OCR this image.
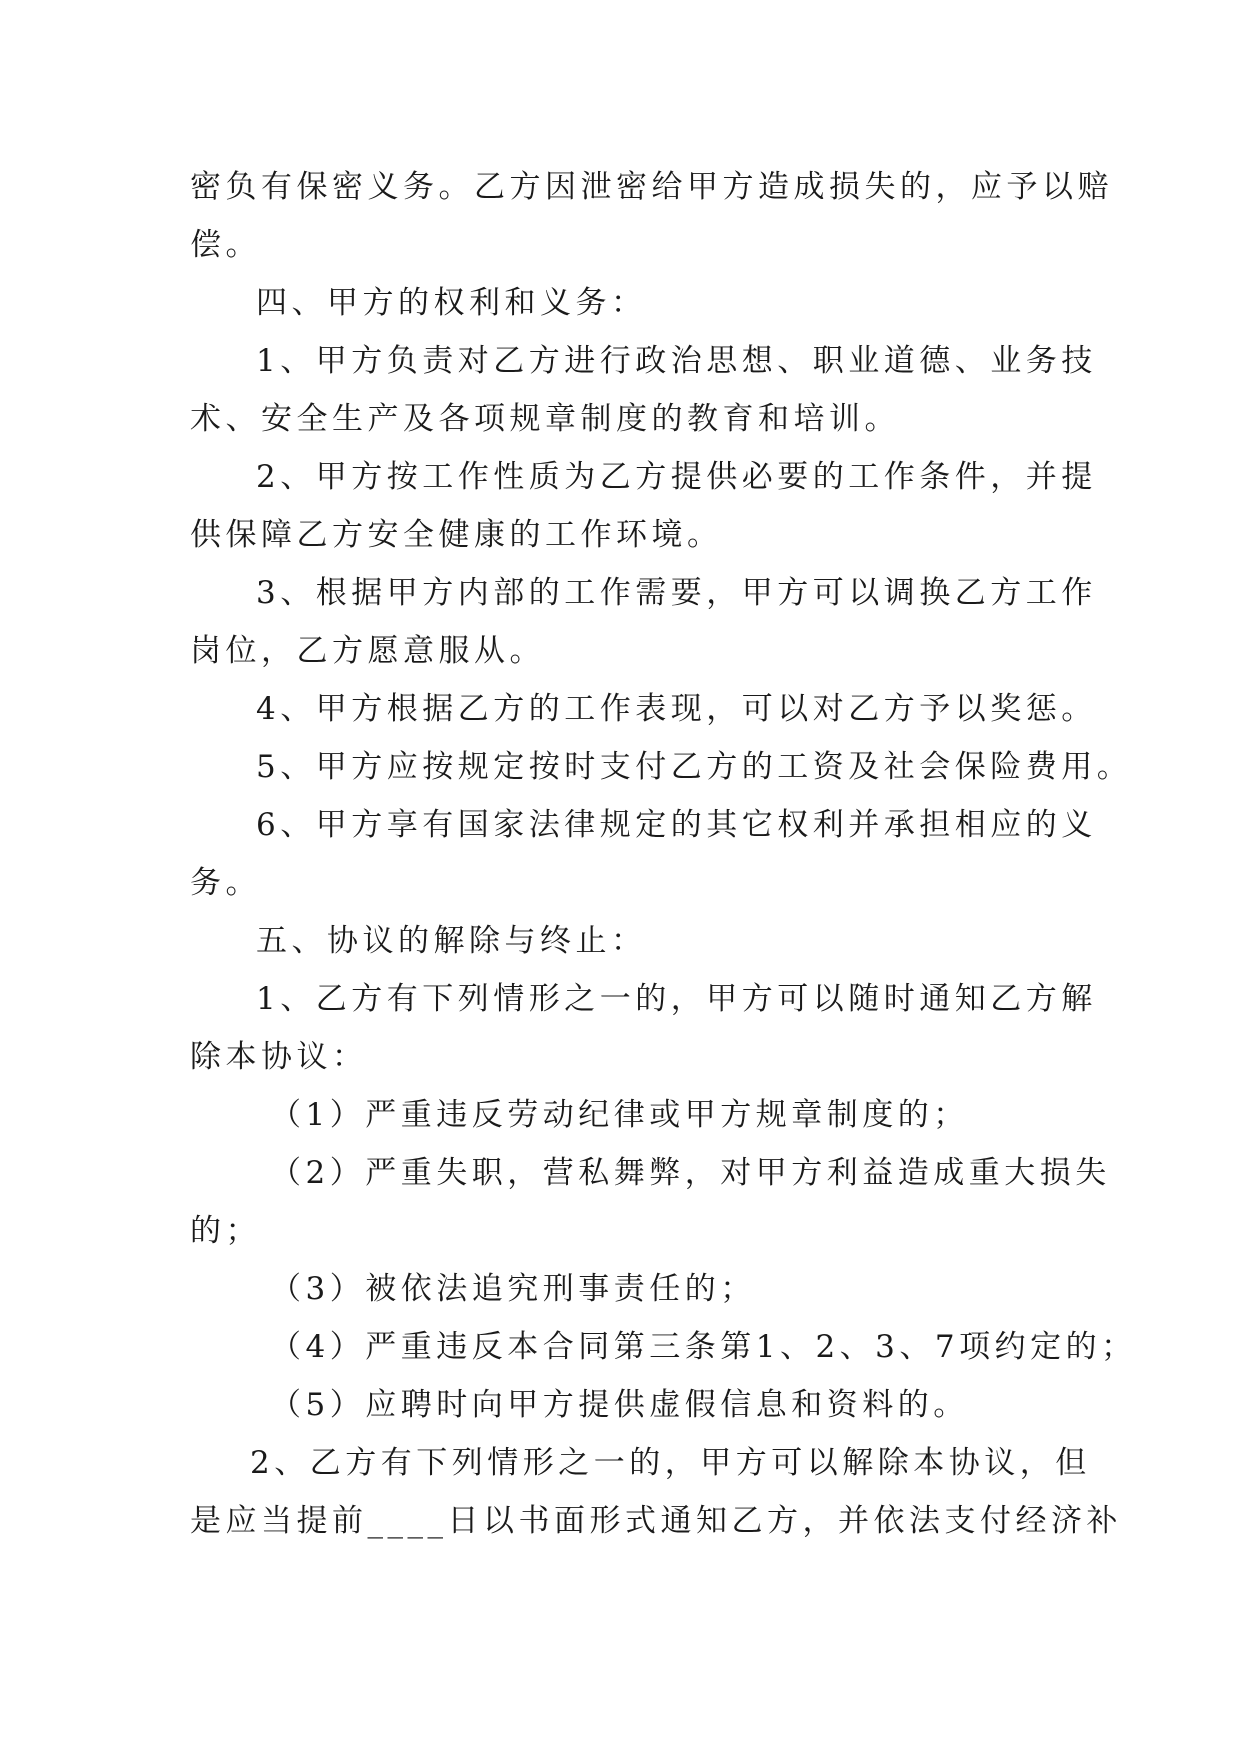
密负有保密义务。乙方因泄密给甲方造成损失的，应予以赔
偿。
四、甲方的权利和义务：
1、甲方负责对乙方进行政治思想、职业道德、业务技
术、安全生产及各项规章制度的教育和培训。
2、甲方按工作性质为乙方提供必要的工作条件，并提
供保障乙方安全健康的工作环境。
3、根据甲方内部的工作需要，甲方可以调换乙方工作
岗位，乙方愿意服从。
4、甲方根据乙方的工作表现，可以对乙方予以奖惩。
5、甲方应按规定按时支付乙方的工资及社会保险费用。
6、甲方享有国家法律规定的其它权利并承担相应的义
务。
五、协议的解除与终止：
1、乙方有下列情形之一的，甲方可以随时通知乙方解
除本协议：
（1）严重违反劳动纪律或甲方规章制度的；
（2）严重失职，营私舞弊，对甲方利益造成重大损失
的；
（3）被依法追究刑事责任的；
（4）严重违反本合同第三条第1、2、3、7项约定的；
（5）应聘时向甲方提供虚假信息和资料的。
2、乙方有下列情形之一的，甲方可以解除本协议，但
是应当提前____日以书面形式通知乙方，并依法支付经济补
